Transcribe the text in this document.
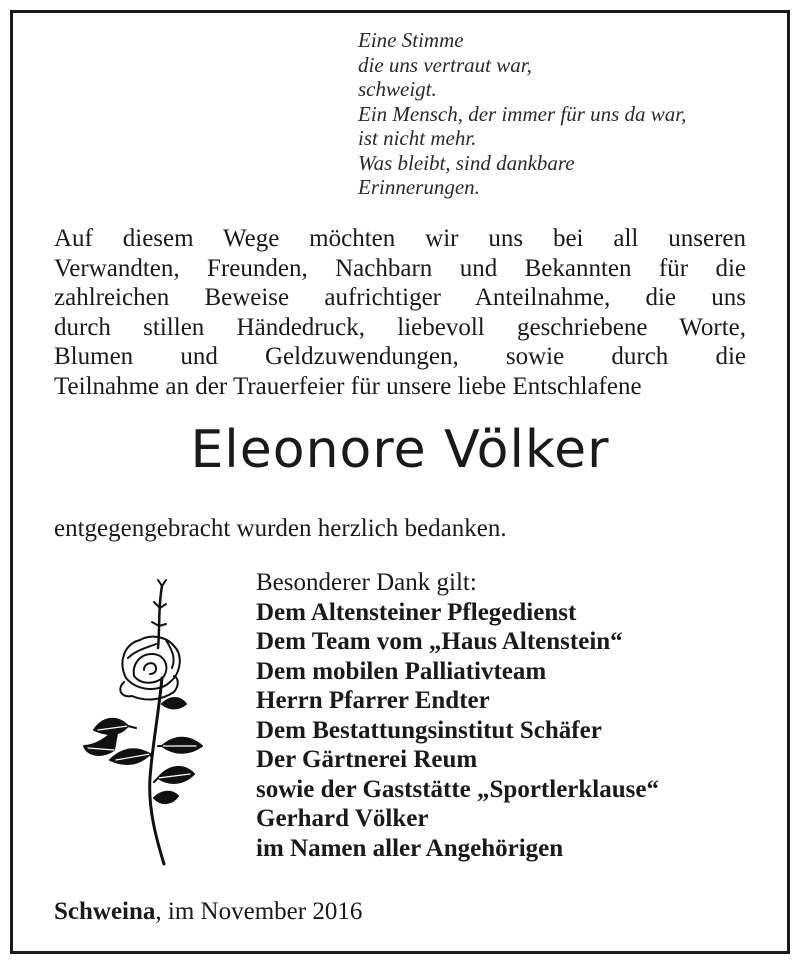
Eine Stimme
die uns vertraut war,
schweigt.
Ein Mensch, der immer für uns da war,
ist nicht mehr.
Was bleibt, sind dankbare
Erinnerungen.
Auf diesem Wege möchten wir uns bei all unseren
Verwandten, Freunden, Nachbarn und Bekannten für die
zahlreichen Beweise aufrichtiger Anteilnahme, die uns
durch stillen Händedruck, liebevoll geschriebene Worte,
Blumen und Geldzuwendungen, sowie durch die
Teilnahme an der Trauerfeier für unsere liebe Entschlafene
Eleonore Völker
entgegengebracht wurden herzlich bedanken.
Besonderer Dank gilt:
Dem Altensteiner Pflegedienst
Dem Team vom „Haus Altenstein“
Dem mobilen Palliativteam
Herrn Pfarrer Endter
Dem Bestattungsinstitut Schäfer
Der Gärtnerei Reum
sowie der Gaststätte „Sportlerklause“
Gerhard Völker
im Namen aller Angehörigen
Schweina, im November 2016
